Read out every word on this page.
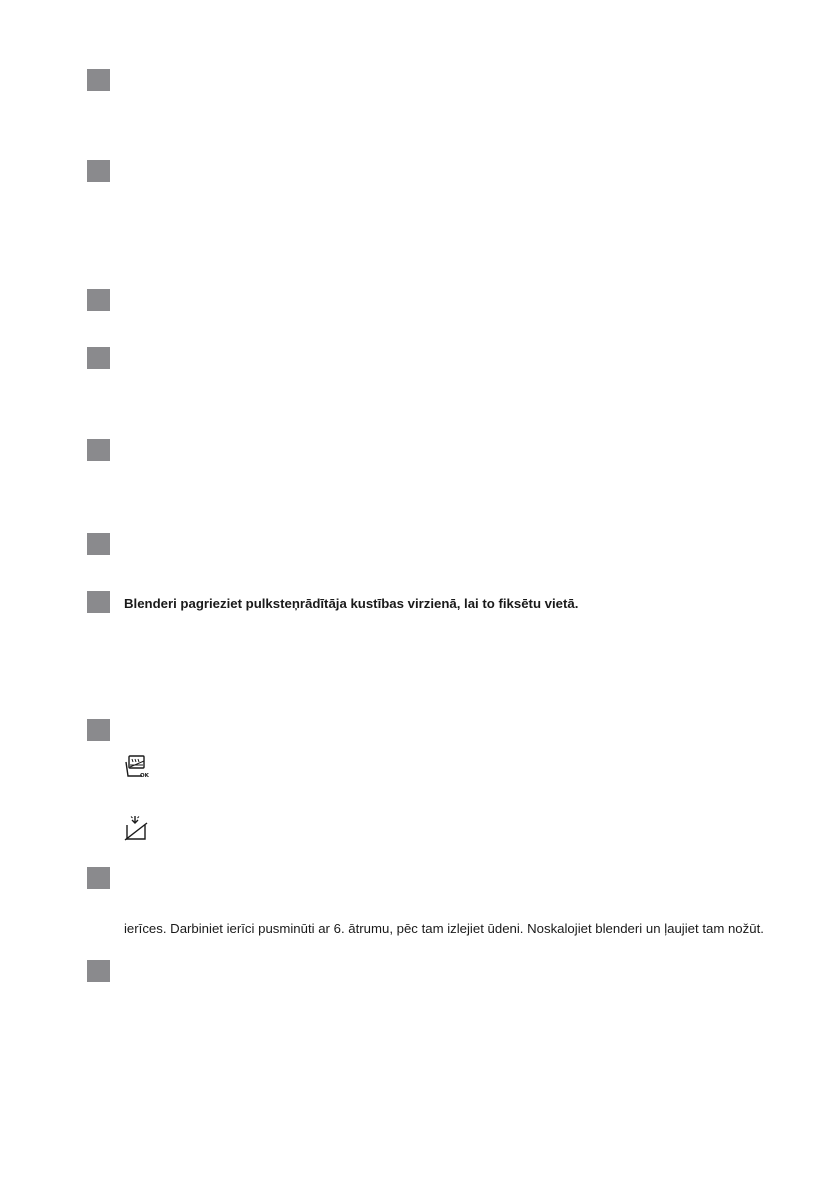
Blenderi pagrieziet pulksteņrādītāja kustības virzienā, lai to fiksētu vietā.
OK
ierīces. Darbiniet ierīci pusminūti ar 6. ātrumu, pēc tam izlejiet ūdeni. Noskalojiet blenderi un ļaujiet tam nožūt.
